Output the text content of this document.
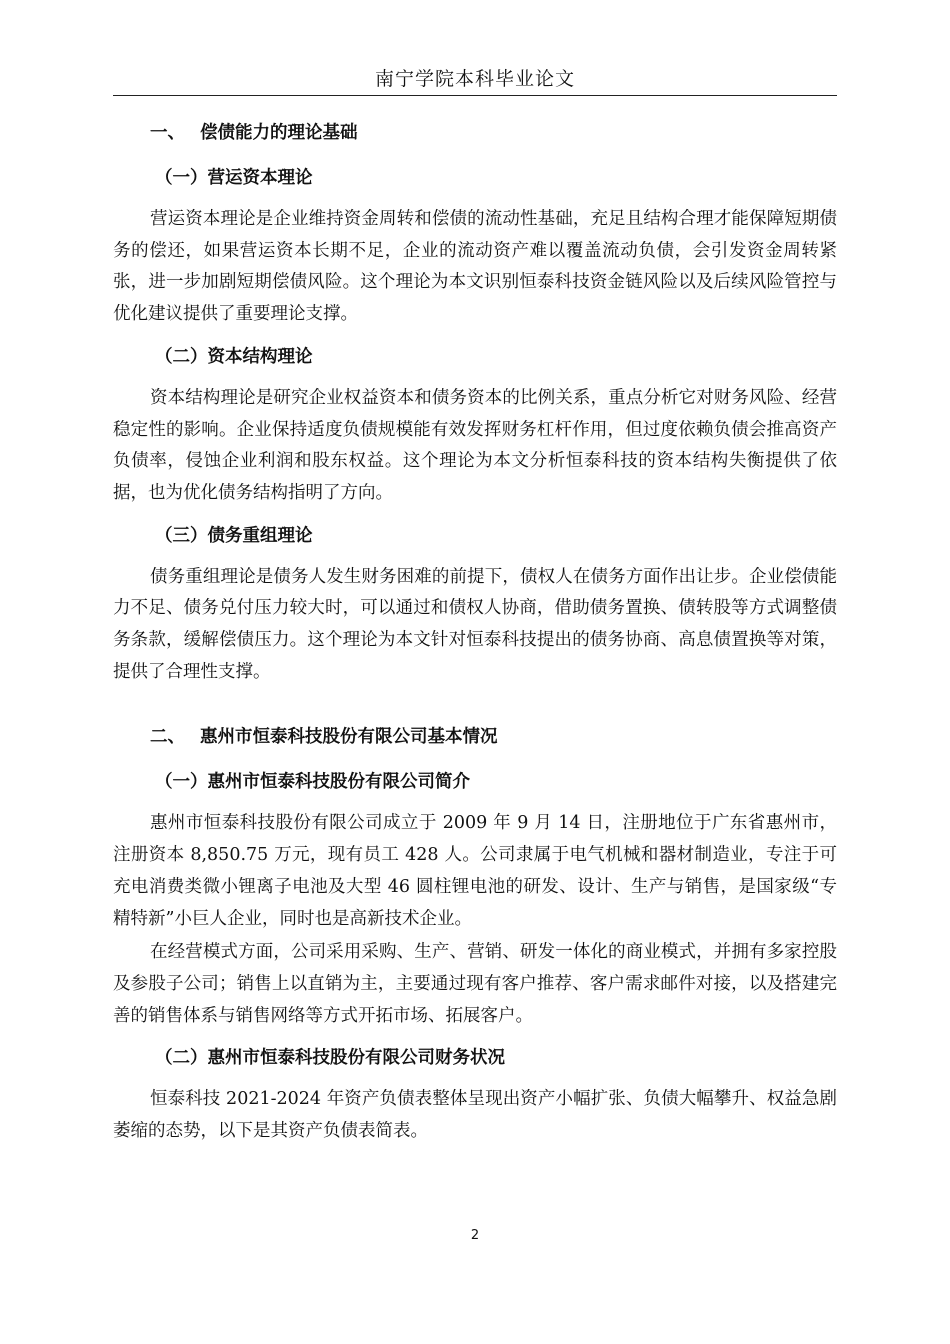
南宁学院本科毕业论文
一、 偿债能力的理论基础
（一）营运资本理论

营运资本理论是企业维持资金周转和偿债的流动性基础，充足且结构合理才能保障短期债务的偿还，如果营运资本长期不足，企业的流动资产难以覆盖流动负债，会引发资金周转紧张，进一步加剧短期偿债风险。这个理论为本文识别恒泰科技资金链风险以及后续风险管控与优化建议提供了重要理论支撑。

（二）资本结构理论

资本结构理论是研究企业权益资本和债务资本的比例关系，重点分析它对财务风险、经营稳定性的影响。企业保持适度负债规模能有效发挥财务杠杆作用，但过度依赖负债会推高资产负债率，侵蚀企业利润和股东权益。这个理论为本文分析恒泰科技的资本结构失衡提供了依据，也为优化债务结构指明了方向。

（三）债务重组理论

债务重组理论是债务人发生财务困难的前提下，债权人在债务方面作出让步。企业偿债能力不足、债务兑付压力较大时，可以通过和债权人协商，借助债务置换、债转股等方式调整债务条款，缓解偿债压力。这个理论为本文针对恒泰科技提出的债务协商、高息债置换等对策，提供了合理性支撑。

二、 惠州市恒泰科技股份有限公司基本情况
（一）惠州市恒泰科技股份有限公司简介

惠州市恒泰科技股份有限公司成立于 2009 年 9 月 14 日，注册地位于广东省惠州市，注册资本 8,850.75 万元，现有员工 428 人。公司隶属于电气机械和器材制造业，专注于可充电消费类微小锂离子电池及大型 46 圆柱锂电池的研发、设计、生产与销售，是国家级“专精特新”小巨人企业，同时也是高新技术企业。

在经营模式方面，公司采用采购、生产、营销、研发一体化的商业模式，并拥有多家控股及参股子公司；销售上以直销为主，主要通过现有客户推荐、客户需求邮件对接，以及搭建完善的销售体系与销售网络等方式开拓市场、拓展客户。

（二）惠州市恒泰科技股份有限公司财务状况

恒泰科技 2021-2024 年资产负债表整体呈现出资产小幅扩张、负债大幅攀升、权益急剧萎缩的态势，以下是其资产负债表简表。

2
